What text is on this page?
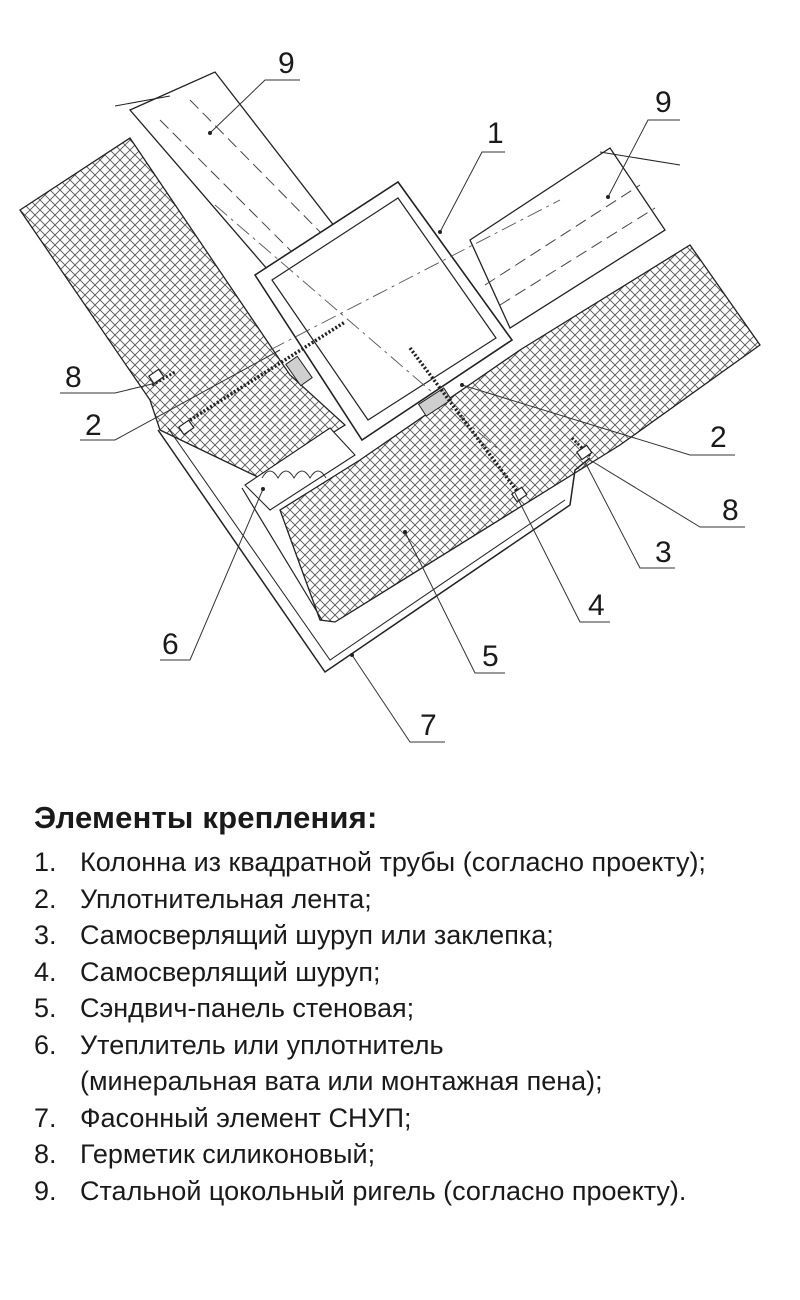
9
9
1
8
2	2
8
3
4
6	5
7
Элементы крепления:
1. Колонна из квадратной трубы (согласно проекту);
2. Уплотнительная лента;
3. Самосверлящий шуруп или заклепка;
4. Самосверлящий шуруп;
5. Сэндвич-панель стеновая;
6. Утеплитель или уплотнитель
(минеральная вата или монтажная пена);
7. Фасонный элемент СНУП;
8. Герметик силиконовый;
9. Стальной цокольный ригель (согласно проекту).
